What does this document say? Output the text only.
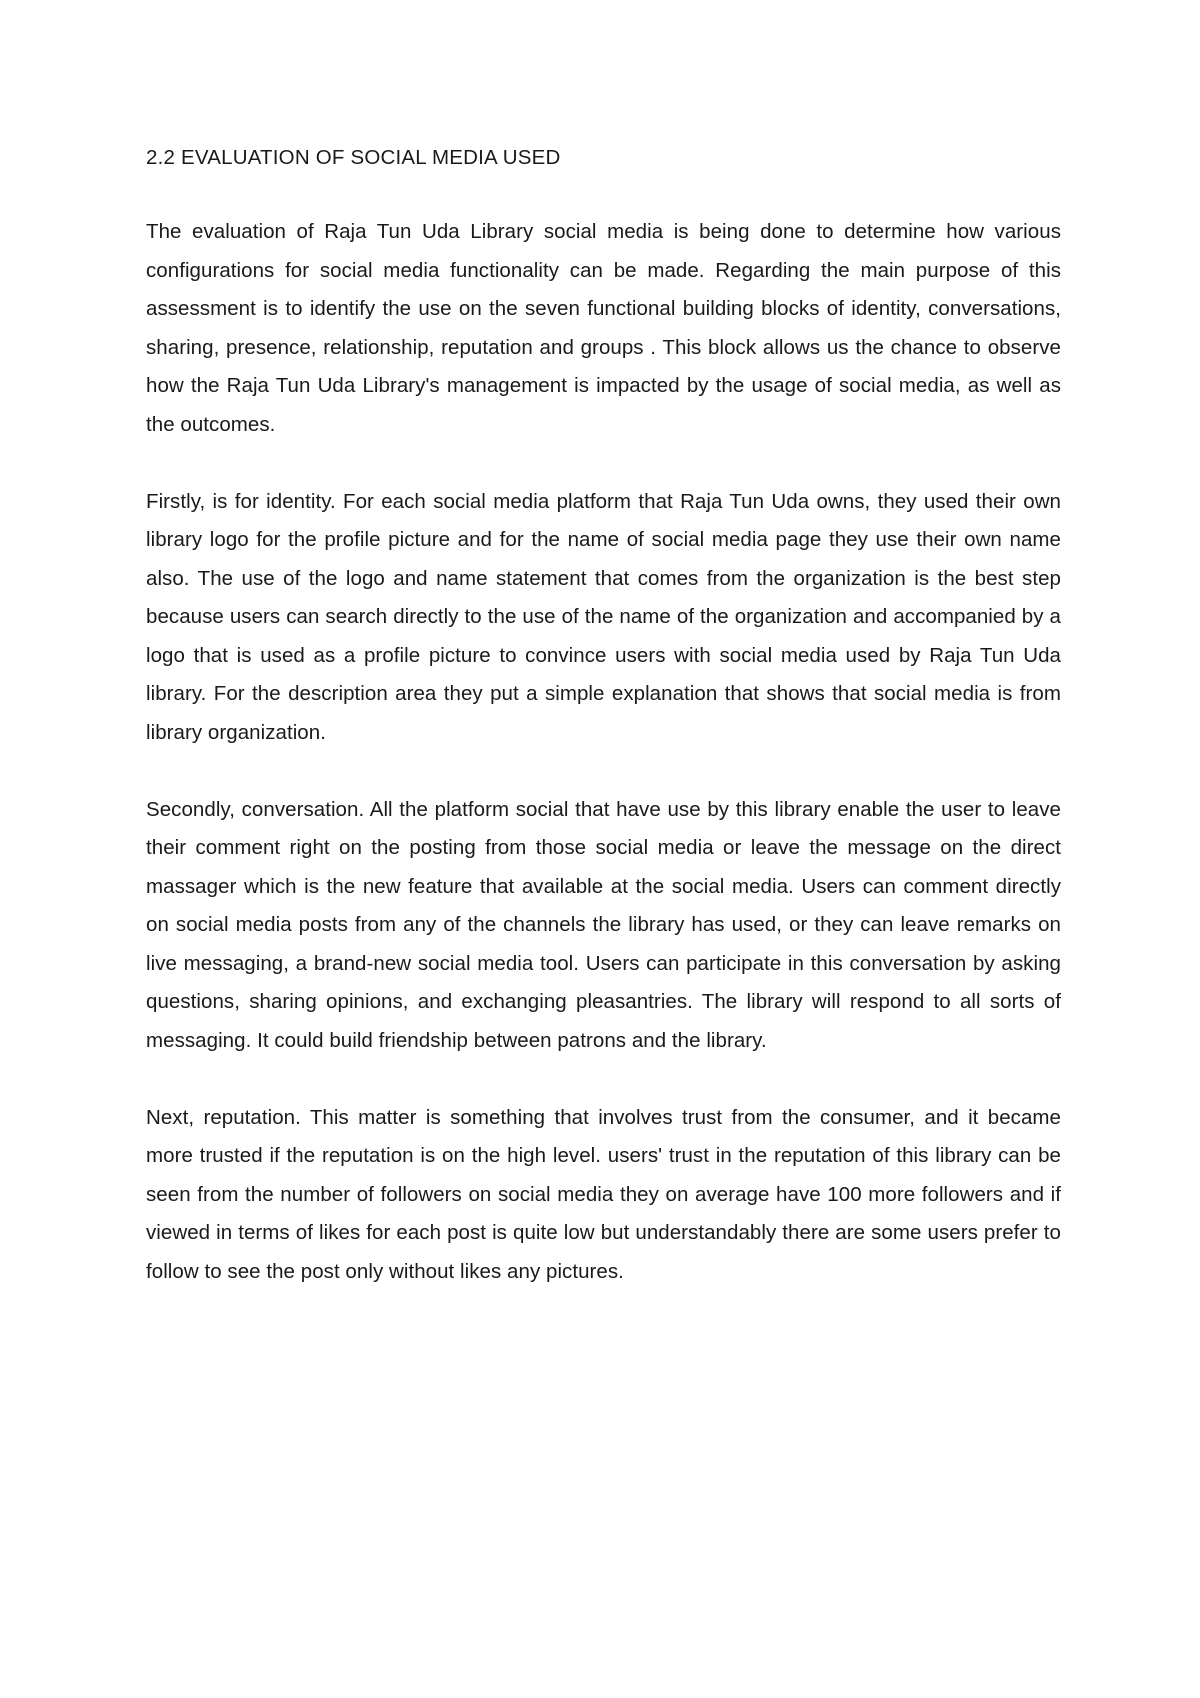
2.2 EVALUATION OF SOCIAL MEDIA USED

The evaluation of Raja Tun Uda Library social media is being done to determine how various configurations for social media functionality can be made. Regarding the main purpose of this assessment is to identify the use on the seven functional building blocks of identity, conversations, sharing, presence, relationship, reputation and groups . This block allows us the chance to observe how the Raja Tun Uda Library's management is impacted by the usage of social media, as well as the outcomes.

Firstly, is for identity. For each social media platform that Raja Tun Uda owns, they used their own library logo for the profile picture and for the name of social media page they use their own name also. The use of the logo and name statement that comes from the organization is the best step because users can search directly to the use of the name of the organization and accompanied by a logo that is used as a profile picture to convince users with social media used by Raja Tun Uda library. For the description area they put a simple explanation that shows that social media is from library organization.

Secondly, conversation. All the platform social that have use by this library enable the user to leave their comment right on the posting from those social media or leave the message on the direct massager which is the new feature that available at the social media. Users can comment directly on social media posts from any of the channels the library has used, or they can leave remarks on live messaging, a brand-new social media tool. Users can participate in this conversation by asking questions, sharing opinions, and exchanging pleasantries. The library will respond to all sorts of messaging. It could build friendship between patrons and the library.

Next, reputation. This matter is something that involves trust from the consumer, and it became more trusted if the reputation is on the high level. users' trust in the reputation of this library can be seen from the number of followers on social media they on average have 100 more followers and if viewed in terms of likes for each post is quite low but understandably there are some users prefer to follow to see the post only without likes any pictures.
